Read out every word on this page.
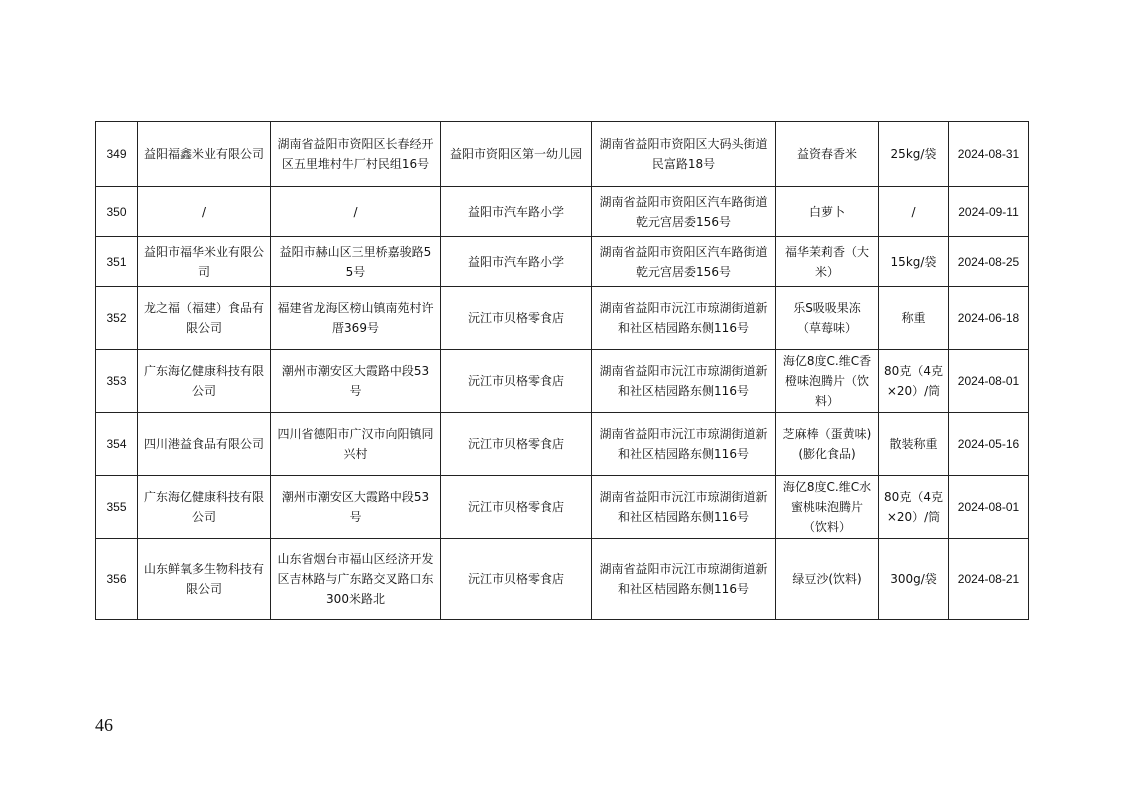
349	益阳福鑫米业有限公司	湖南省益阳市资阳区长春经开区五里堆村牛厂村民组16号	益阳市资阳区第一幼儿园	湖南省益阳市资阳区大码头街道民富路18号	益资春香米	25kg/袋	2024-08-31
350	/	/	益阳市汽车路小学	湖南省益阳市资阳区汽车路街道乾元宫居委156号	白萝卜	/	2024-09-11
351	益阳市福华米业有限公司	益阳市赫山区三里桥嘉骏路55号	益阳市汽车路小学	湖南省益阳市资阳区汽车路街道乾元宫居委156号	福华茉莉香（大米）	15kg/袋	2024-08-25
352	龙之福（福建）食品有限公司	福建省龙海区榜山镇南苑村许厝369号	沅江市贝格零食店	湖南省益阳市沅江市琼湖街道新和社区桔园路东侧116号	乐S吸吸果冻（草莓味）	称重	2024-06-18
353	广东海亿健康科技有限公司	潮州市潮安区大霞路中段53号	沅江市贝格零食店	湖南省益阳市沅江市琼湖街道新和社区桔园路东侧116号	海亿8度C.维C香橙味泡腾片（饮料）	80克（4克×20）/筒	2024-08-01
354	四川港益食品有限公司	四川省德阳市广汉市向阳镇同兴村	沅江市贝格零食店	湖南省益阳市沅江市琼湖街道新和社区桔园路东侧116号	芝麻棒（蛋黄味)(膨化食品)	散装称重	2024-05-16
355	广东海亿健康科技有限公司	潮州市潮安区大霞路中段53号	沅江市贝格零食店	湖南省益阳市沅江市琼湖街道新和社区桔园路东侧116号	海亿8度C.维C水蜜桃味泡腾片（饮料）	80克（4克×20）/筒	2024-08-01
356	山东鲜氧多生物科技有限公司	山东省烟台市福山区经济开发区吉林路与广东路交叉路口东300米路北	沅江市贝格零食店	湖南省益阳市沅江市琼湖街道新和社区桔园路东侧116号	绿豆沙(饮料)	300g/袋	2024-08-21
46
